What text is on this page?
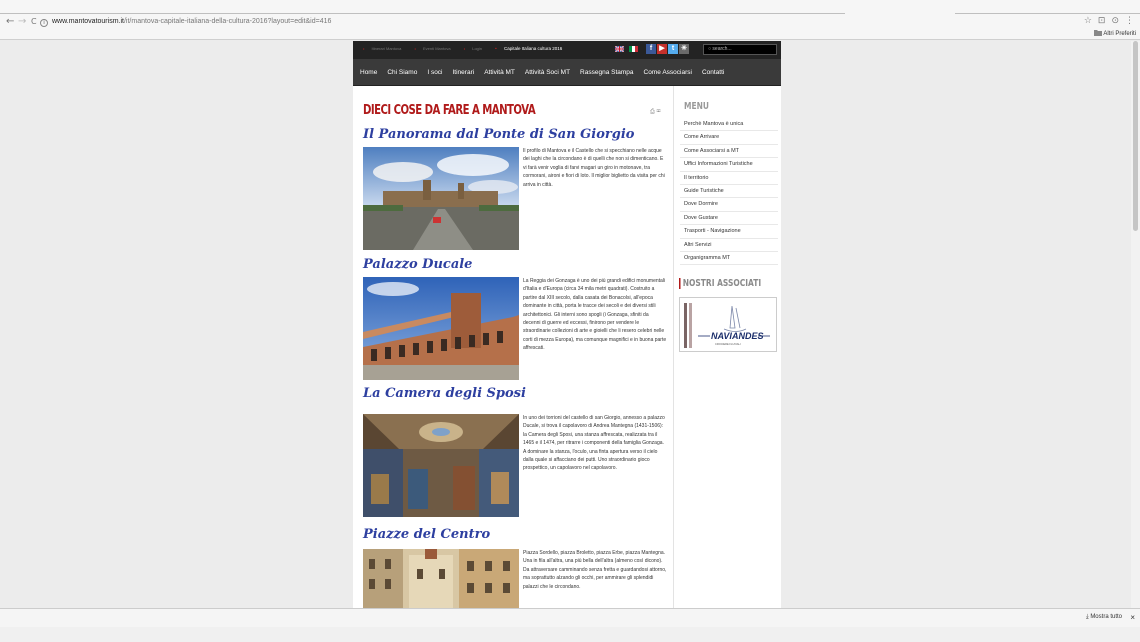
← → C	i www.mantovatourism.it/it/mantova-capitale-italiana-della-cultura-2016?layout=edit&id=416	☆ ⊡ ⊙ ⋮
Altri Preferiti
• Itinerari Mantova	• Eventi Mantova	• Login	• Capitale Italiana cultura 2016	f	▶	t ✳	○ search...
Home Chi Siamo I soci Itinerari Attività MT Attività Soci MT Rassegna Stampa Come Associarsi Contatti
DIECI COSE DA FARE A MANTOVA	⎙ ✉
Il Panorama dal Ponte di San Giorgio
Il profilo di Mantova e il Castello che si specchiano nelle acque dei laghi che la circondano è di quelli che non si dimenticano. E vi farà venir voglia di farvi magari un giro in motonave, tra cormorani, aironi e fiori di loto. Il miglior biglietto da visita per chi arriva in città.
Palazzo Ducale
La Reggia dei Gonzaga è uno dei più grandi edifici monumentali d'Italia e d'Europa (circa 34 mila metri quadrati). Costruito a partire dal XIII secolo, dalla casata dei Bonacolsi, all'epoca dominante in città, porta le tracce dei secoli e dei diversi stili architettonici. Gli interni sono spogli (i Gonzaga, sfiniti da decenni di guerre ed eccessi, finirono per vendere le straordinarie collezioni di arte e gioielli che li resero celebri nelle corti di mezza Europa), ma comunque magnifici e in buona parte affrescati.
La Camera degli Sposi
In uno dei torrioni del castello di san Giorgio, annesso a palazzo Ducale, si trova il capolavoro di Andrea Mantegna (1431-1506): la Camera degli Sposi, una stanza affrescata, realizzata tra il 1465 e il 1474, per ritrarre i componenti della famiglia Gonzaga. A dominare la stanza, l'oculo, una finta apertura verso il cielo dalla quale si affacciano dei putti. Uno straordinario gioco prospettico, un capolavoro nel capolavoro.
Piazze del Centro
Piazza Sordello, piazza Broletto, piazza Erbe, piazza Mantegna. Una in fila all'altra, una più bella dell'altra (almeno così dicono). Da attraversare camminando senza fretta e guardandosi attorno, ma soprattutto alzando gli occhi, per ammirare gli splendidi palazzi che le circondano.
MENU
Perchè Mantova è unica
Come Arrivare
Come Associarsi a MT
Uffici Informazioni Turistiche
Il territorio
Guide Turistiche
Dove Dormire
Dove Gustare
Trasporti - Navigazione
Altri Servizi
Organigramma MT
NOSTRI ASSOCIATI
NAVI ANDES
CROCIERE FLUVIALI
⤓ Mostra tutto ×
